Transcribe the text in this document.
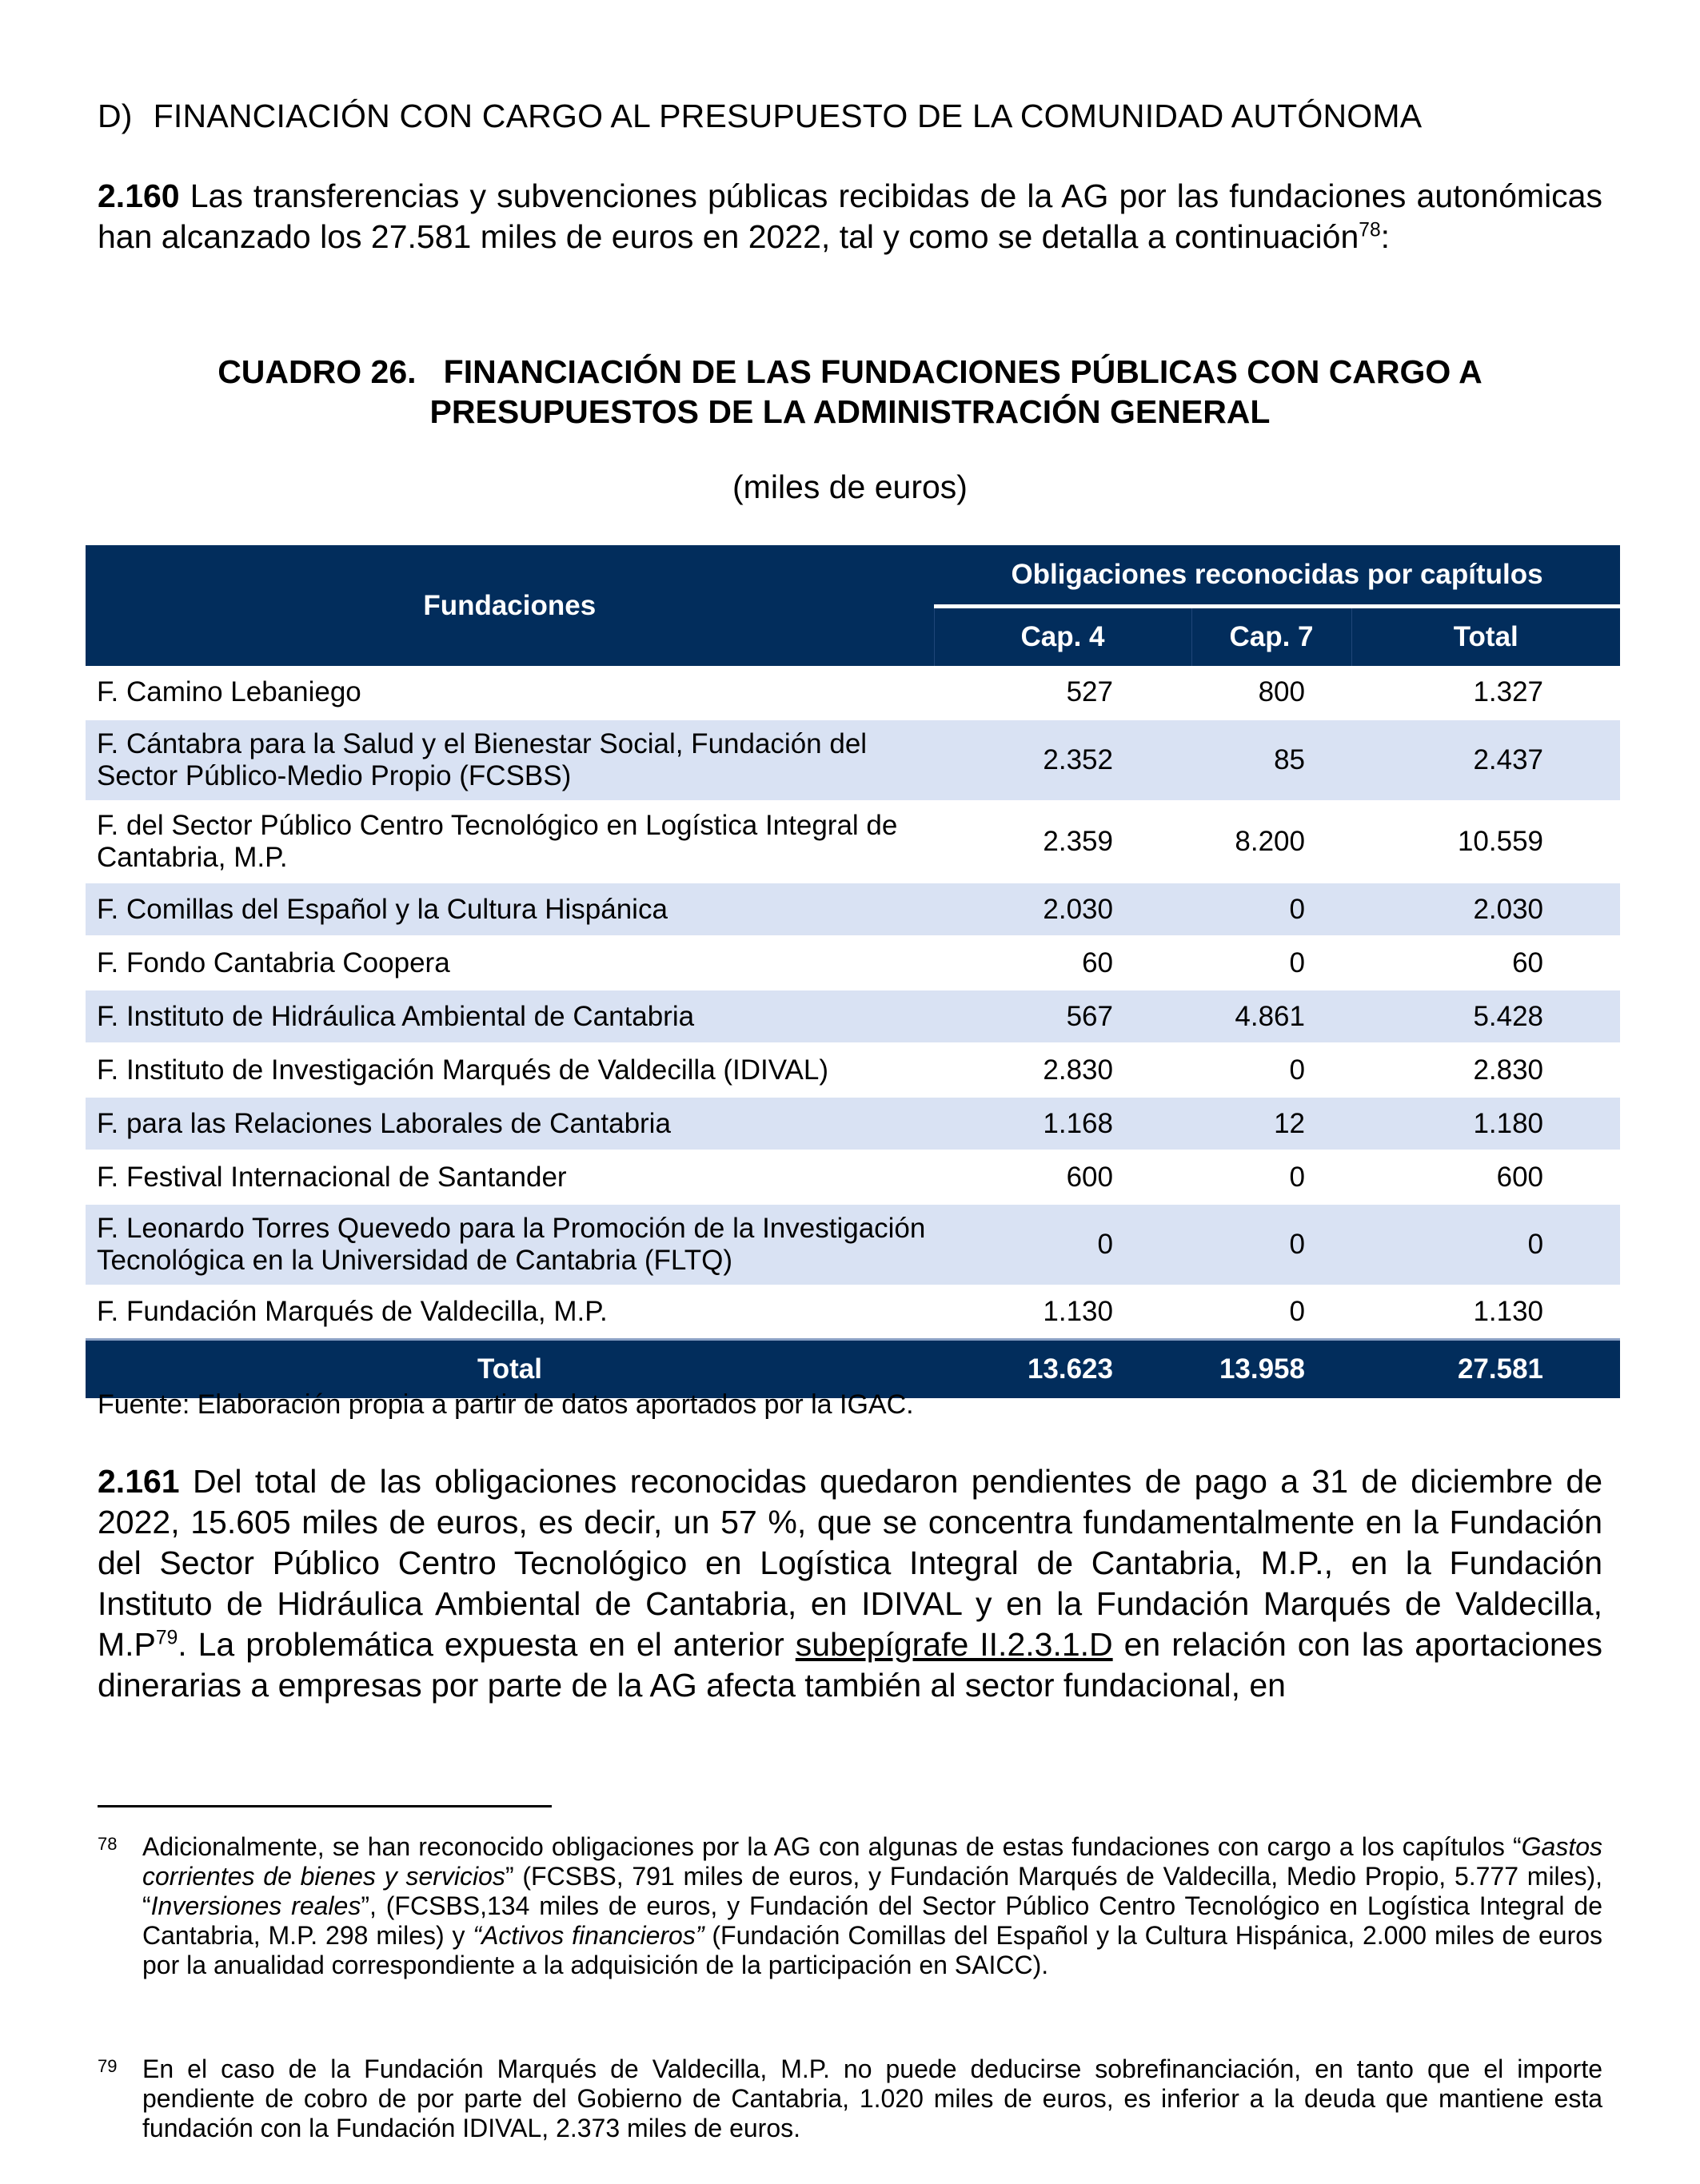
D) FINANCIACIÓN CON CARGO AL PRESUPUESTO DE LA COMUNIDAD AUTÓNOMA
2.160 Las transferencias y subvenciones públicas recibidas de la AG por las fundaciones autonómicas han alcanzado los 27.581 miles de euros en 2022, tal y como se detalla a continuación$^{78}$:
CUADRO 26.   FINANCIACIÓN DE LAS FUNDACIONES PÚBLICAS CON CARGO A
PRESUPUESTOS DE LA ADMINISTRACIÓN GENERAL
(miles de euros)
Fundaciones	Obligaciones reconocidas por capítulos		
	Cap. 4	Cap. 7	Total
F. Camino Lebaniego	527	800	1.327
F. Cántabra para la Salud y el Bienestar Social, Fundación del Sector Público-Medio Propio (FCSBS)	2.352	85	2.437
F. del Sector Público Centro Tecnológico en Logística Integral de Cantabria, M.P.	2.359	8.200	10.559
F. Comillas del Español y la Cultura Hispánica	2.030	0	2.030
F. Fondo Cantabria Coopera	60	0	60
F. Instituto de Hidráulica Ambiental de Cantabria	567	4.861	5.428
F. Instituto de Investigación Marqués de Valdecilla (IDIVAL)	2.830	0	2.830
F. para las Relaciones Laborales de Cantabria	1.168	12	1.180
F. Festival Internacional de Santander	600	0	600
F. Leonardo Torres Quevedo para la Promoción de la Investigación Tecnológica en la Universidad de Cantabria (FLTQ)	0	0	0
F. Fundación Marqués de Valdecilla, M.P.	1.130	0	1.130
Total	13.623	13.958	27.581
Fuente: Elaboración propia a partir de datos aportados por la IGAC.
2.161 Del total de las obligaciones reconocidas quedaron pendientes de pago a 31 de diciembre de 2022, 15.605 miles de euros, es decir, un 57 %, que se concentra fundamentalmente en la Fundación del Sector Público Centro Tecnológico en Logística Integral de Cantabria, M.P., en la Fundación Instituto de Hidráulica Ambiental de Cantabria, en IDIVAL y en la Fundación Marqués de Valdecilla, $M.P^{79}$. La problemática expuesta en el anterior subepígrafe II.2.3.1.D en relación con las aportaciones dinerarias a empresas por parte de la AG afecta también al sector fundacional, en
78 Adicionalmente, se han reconocido obligaciones por la AG con algunas de estas fundaciones con cargo a los capítulos “Gastos corrientes de bienes y servicios” (FCSBS, 791 miles de euros, y Fundación Marqués de Valdecilla, Medio Propio, 5.777 miles), “Inversiones reales”, (FCSBS,134 miles de euros, y Fundación del Sector Público Centro Tecnológico en Logística Integral de Cantabria, M.P. 298 miles) y “Activos financieros” (Fundación Comillas del Español y la Cultura Hispánica, 2.000 miles de euros por la anualidad correspondiente a la adquisición de la participación en SAICC).
79 En el caso de la Fundación Marqués de Valdecilla, M.P. no puede deducirse sobrefinanciación, en tanto que el importe pendiente de cobro de por parte del Gobierno de Cantabria, 1.020 miles de euros, es inferior a la deuda que mantiene esta fundación con la Fundación IDIVAL, 2.373 miles de euros.
